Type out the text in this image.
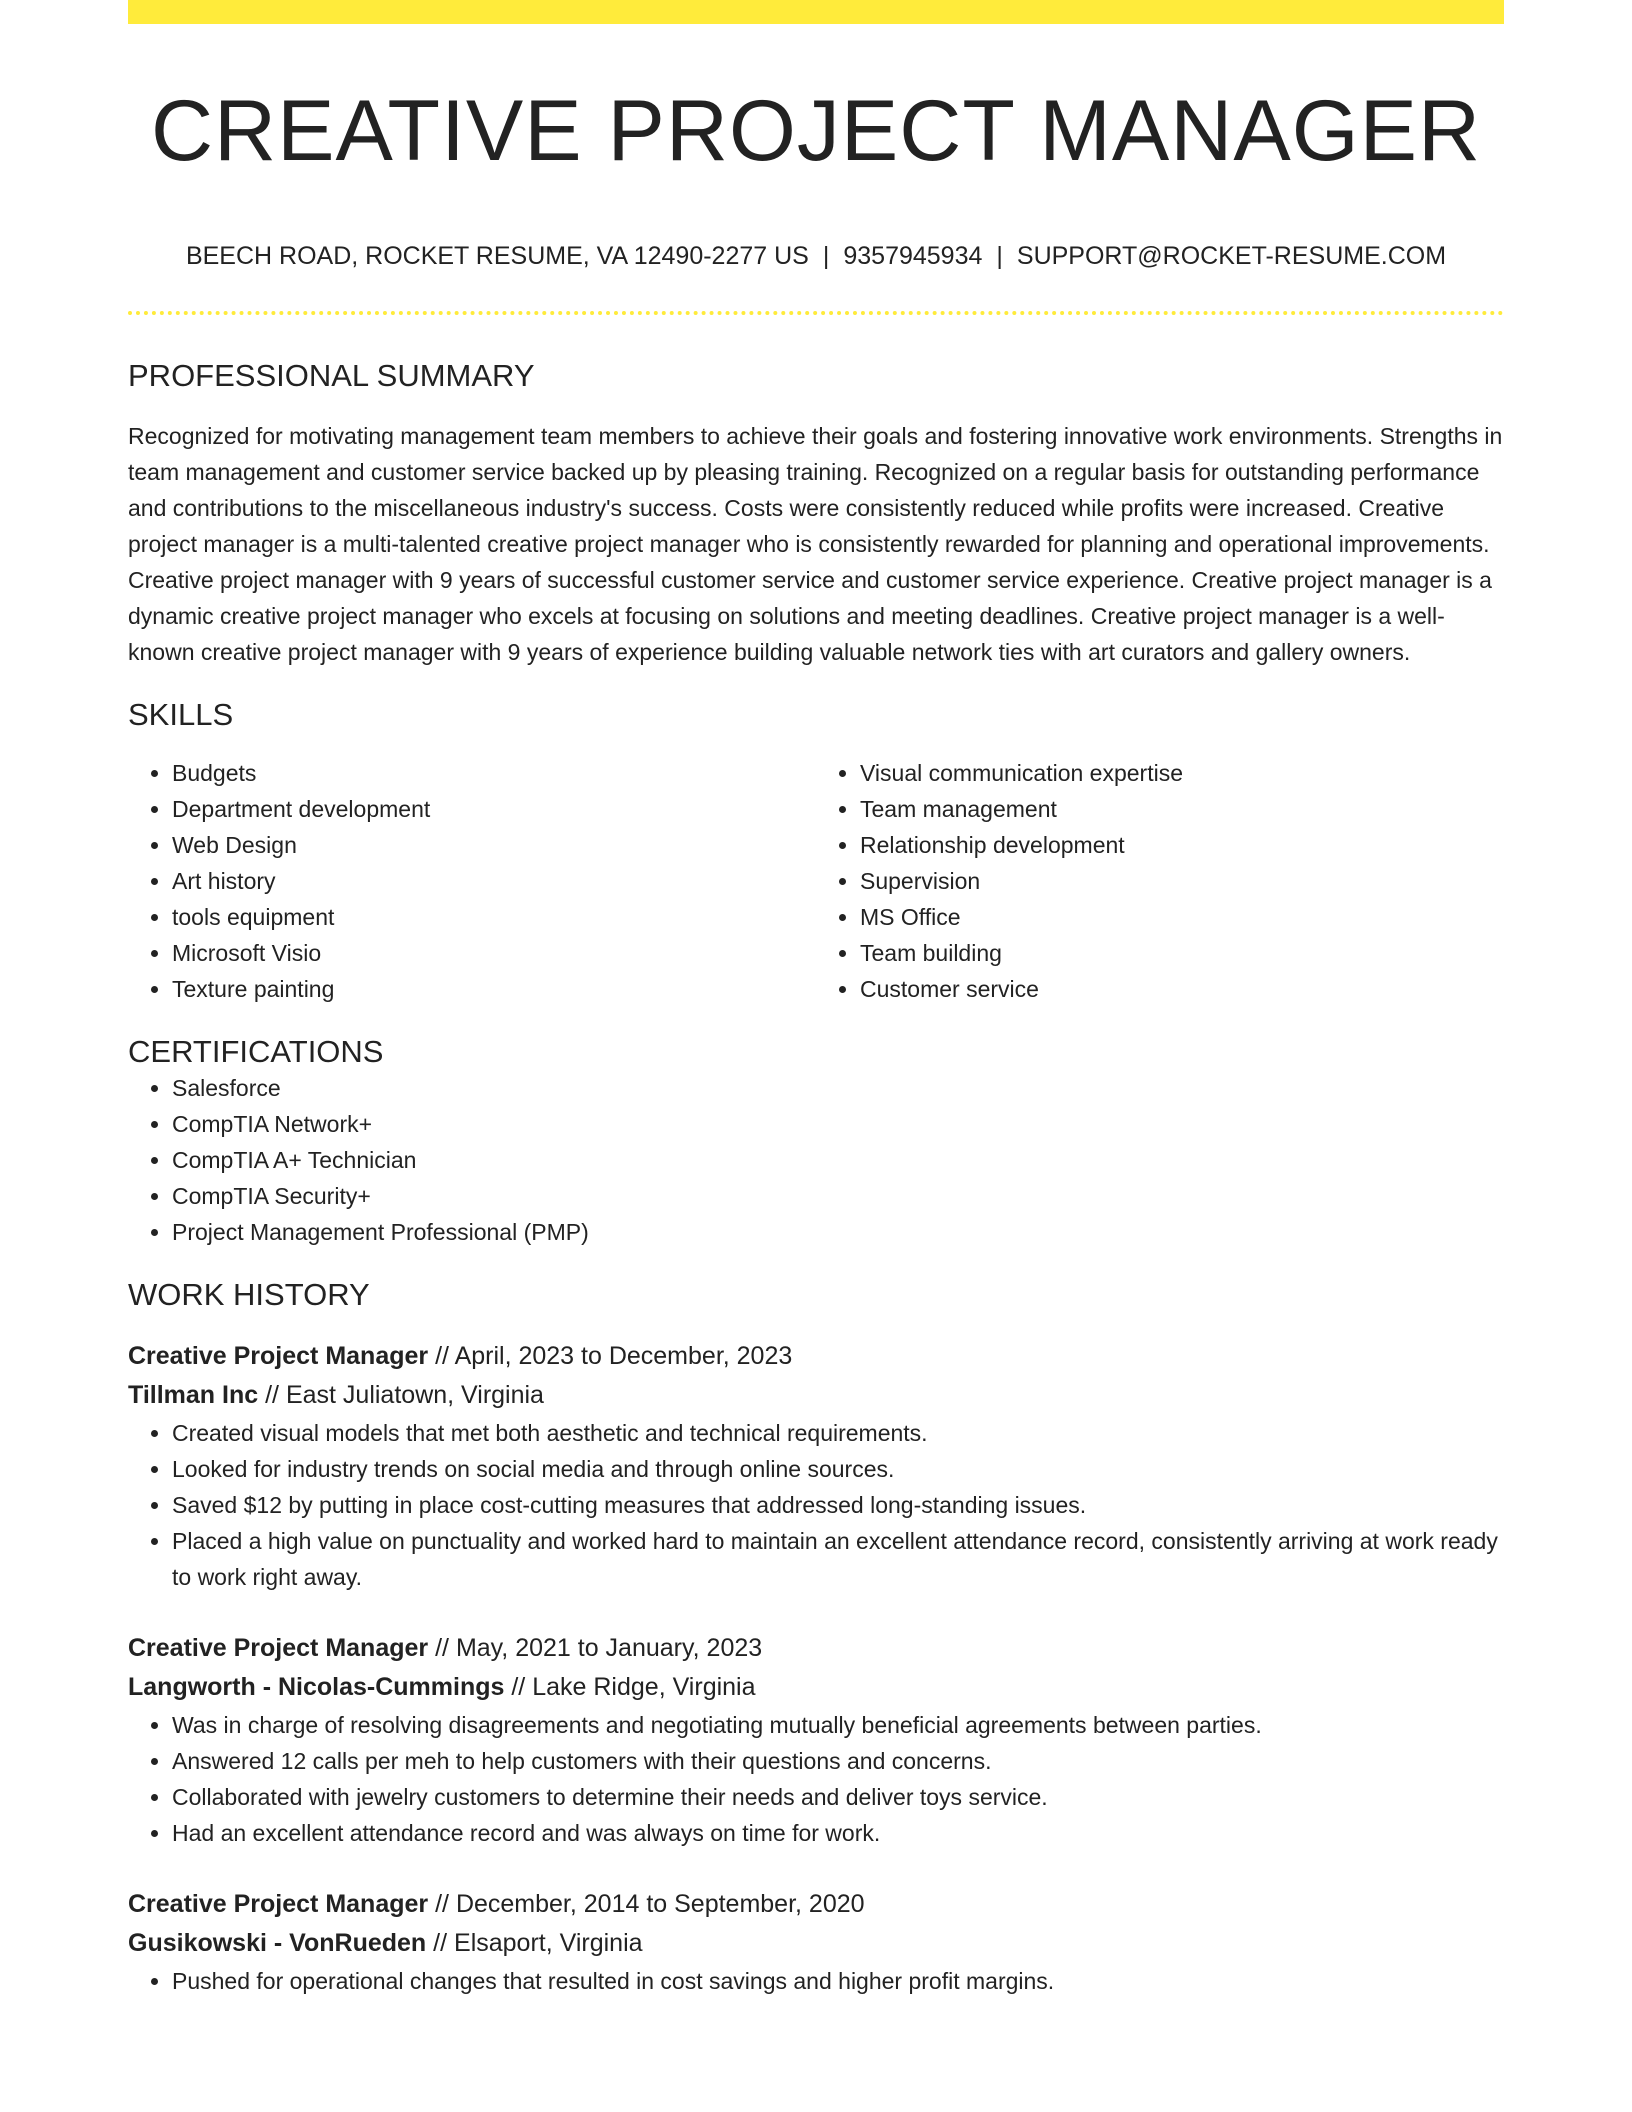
CREATIVE PROJECT MANAGER
BEECH ROAD, ROCKET RESUME, VA 12490-2277 US | 9357945934 | SUPPORT@ROCKET-RESUME.COM
PROFESSIONAL SUMMARY
Recognized for motivating management team members to achieve their goals and fostering innovative work environments. Strengths in team management and customer service backed up by pleasing training. Recognized on a regular basis for outstanding performance and contributions to the miscellaneous industry's success. Costs were consistently reduced while profits were increased. Creative project manager is a multi-talented creative project manager who is consistently rewarded for planning and operational improvements. Creative project manager with 9 years of successful customer service and customer service experience. Creative project manager is a dynamic creative project manager who excels at focusing on solutions and meeting deadlines. Creative project manager is a well-known creative project manager with 9 years of experience building valuable network ties with art curators and gallery owners.
SKILLS
• Budgets
• Department development
• Web Design
• Art history
• tools equipment
• Microsoft Visio
• Texture painting
• Visual communication expertise
• Team management
• Relationship development
• Supervision
• MS Office
• Team building
• Customer service
CERTIFICATIONS
• Salesforce
• CompTIA Network+
• CompTIA A+ Technician
• CompTIA Security+
• Project Management Professional (PMP)
WORK HISTORY
Creative Project Manager // April, 2023 to December, 2023
Tillman Inc // East Juliatown, Virginia
• Created visual models that met both aesthetic and technical requirements.
• Looked for industry trends on social media and through online sources.
• Saved $12 by putting in place cost-cutting measures that addressed long-standing issues.
• Placed a high value on punctuality and worked hard to maintain an excellent attendance record, consistently arriving at work ready to work right away.
Creative Project Manager // May, 2021 to January, 2023
Langworth - Nicolas-Cummings // Lake Ridge, Virginia
• Was in charge of resolving disagreements and negotiating mutually beneficial agreements between parties.
• Answered 12 calls per meh to help customers with their questions and concerns.
• Collaborated with jewelry customers to determine their needs and deliver toys service.
• Had an excellent attendance record and was always on time for work.
Creative Project Manager // December, 2014 to September, 2020
Gusikowski - VonRueden // Elsaport, Virginia
• Pushed for operational changes that resulted in cost savings and higher profit margins.
